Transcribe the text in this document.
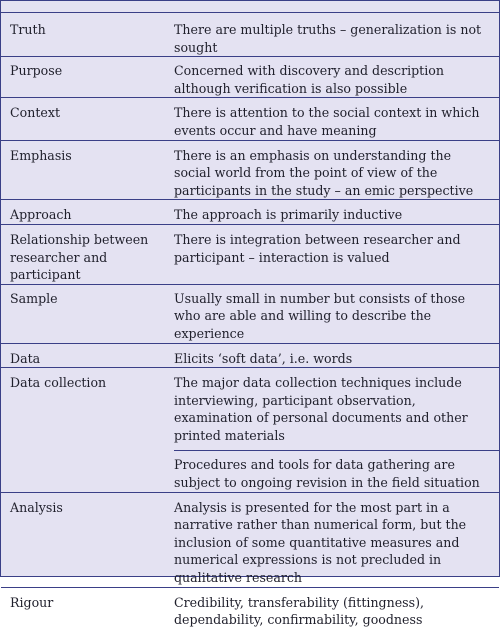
Truth	There are multiple truths – generalization is not sought
Purpose	Concerned with discovery and description although verification is also possible
Context	There is attention to the social context in which events occur and have meaning
Emphasis	There is an emphasis on understanding the social world from the point of view of the participants in the study – an emic perspective
Approach	The approach is primarily inductive
Relationship between researcher and participant	There is integration between researcher and participant – interaction is valued
Sample	Usually small in number but consists of those who are able and willing to describe the experience
Data	Elicits ‘soft data’, i.e. words
Data collection	The major data collection techniques include interviewing, participant observation, examination of personal documents and other printed materials
Procedures and tools for data gathering are subject to ongoing revision in the field situation
Analysis	Analysis is presented for the most part in a narrative rather than numerical form, but the inclusion of some quantitative measures and numerical expressions is not precluded in qualitative research
Rigour	Credibility, transferability (fittingness), dependability, confirmability, goodness
